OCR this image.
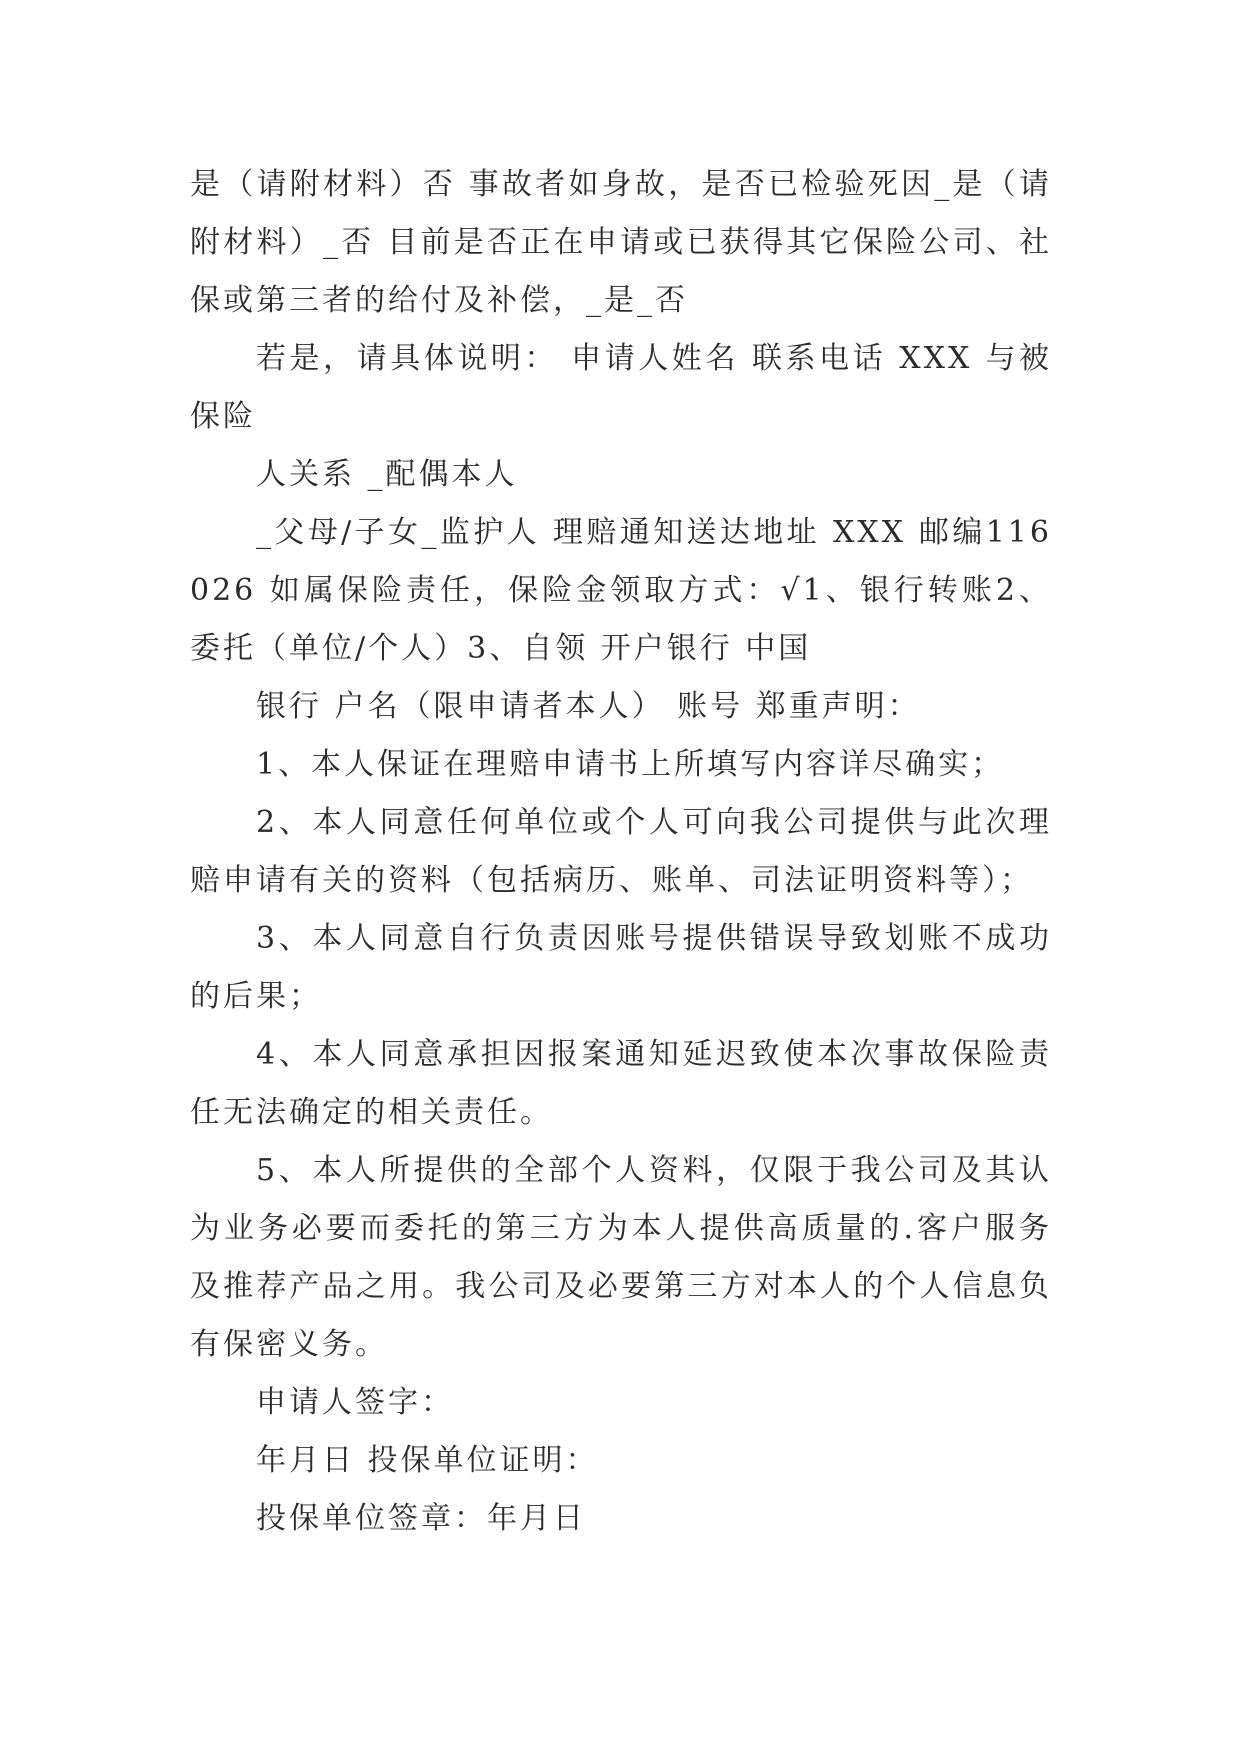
是（请附材料）否 事故者如身故，是否已检验死因_是（请附材料）_否 目前是否正在申请或已获得其它保险公司、社保或第三者的给付及补偿，_是_否

若是，请具体说明： 申请人姓名 联系电话 XXX 与被保险

人关系 _配偶本人

_父母/子女_监护人 理赔通知送达地址 XXX 邮编116026 如属保险责任，保险金领取方式：√1、银行转账2、委托（单位/个人）3、自领 开户银行 中国

银行 户名（限申请者本人） 账号 郑重声明：

1、本人保证在理赔申请书上所填写内容详尽确实；

2、本人同意任何单位或个人可向我公司提供与此次理赔申请有关的资料（包括病历、账单、司法证明资料等）；

3、本人同意自行负责因账号提供错误导致划账不成功的后果；

4、本人同意承担因报案通知延迟致使本次事故保险责任无法确定的相关责任。

5、本人所提供的全部个人资料，仅限于我公司及其认为业务必要而委托的第三方为本人提供高质量的.客户服务及推荐产品之用。我公司及必要第三方对本人的个人信息负有保密义务。

申请人签字：

年月日 投保单位证明：

投保单位签章：年月日
